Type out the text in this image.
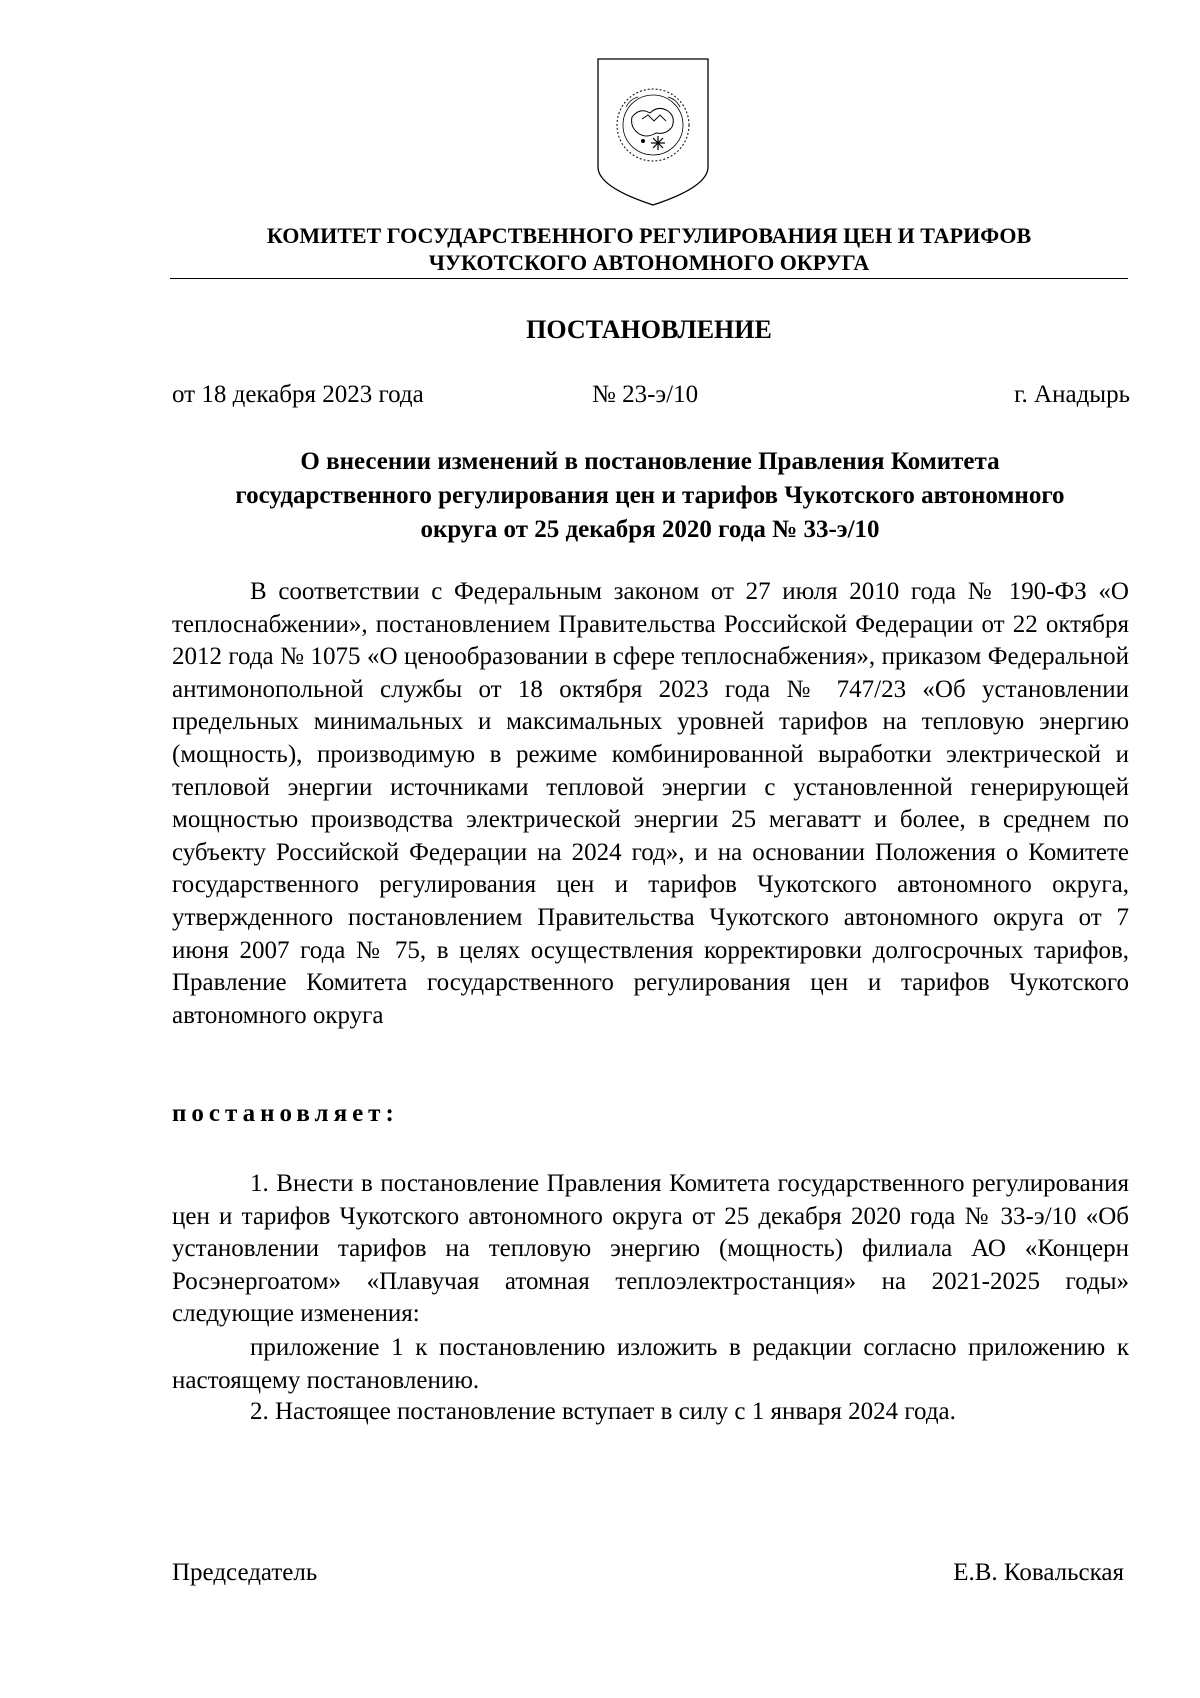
КОМИТЕТ ГОСУДАРСТВЕННОГО РЕГУЛИРОВАНИЯ ЦЕН И ТАРИФОВ
ЧУКОТСКОГО АВТОНОМНОГО ОКРУГА
ПОСТАНОВЛЕНИЕ
от 18 декабря 2023 года	№ 23-э/10	г. Анадырь
О внесении изменений в постановление Правления Комитета государственного регулирования цен и тарифов Чукотского автономного округа от 25 декабря 2020 года № 33-э/10
В соответствии с Федеральным законом от 27 июля 2010 года № 190-ФЗ «О теплоснабжении», постановлением Правительства Российской Федерации от 22 октября 2012 года № 1075 «О ценообразовании в сфере теплоснабжения», приказом Федеральной антимонопольной службы от 18 октября 2023 года № 747/23 «Об установлении предельных минимальных и максимальных уровней тарифов на тепловую энергию (мощность), производимую в режиме комбинированной выработки электрической и тепловой энергии источниками тепловой энергии с установленной генерирующей мощностью производства электрической энергии 25 мегаватт и более, в среднем по субъекту Российской Федерации на 2024 год», и на основании Положения о Комитете государственного регулирования цен и тарифов Чукотского автономного округа, утвержденного постановлением Правительства Чукотского автономного округа от 7 июня 2007 года № 75, в целях осуществления корректировки долгосрочных тарифов, Правление Комитета государственного регулирования цен и тарифов Чукотского автономного округа
постановляет:
1. Внести в постановление Правления Комитета государственного регулирования цен и тарифов Чукотского автономного округа от 25 декабря 2020 года № 33-э/10 «Об установлении тарифов на тепловую энергию (мощность) филиала АО «Концерн Росэнергоатом» «Плавучая атомная теплоэлектростанция» на 2021-2025 годы» следующие изменения:
приложение 1 к постановлению изложить в редакции согласно приложению к настоящему постановлению.
2. Настоящее постановление вступает в силу с 1 января 2024 года.
Председатель	Е.В. Ковальская
